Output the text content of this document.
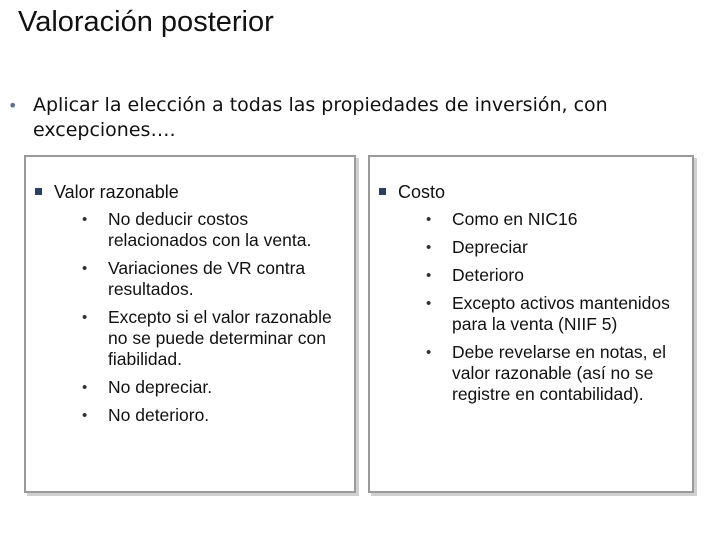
Valoración posterior
• Aplicar la elección a todas las propiedades de inversión, con excepciones….
Valor razonable
• No deducir costos relacionados con la venta.
• Variaciones de VR contra resultados.
• Excepto si el valor razonable no se puede determinar con fiabilidad.
• No depreciar.
• No deterioro.
Costo
• Como en NIC16
• Depreciar
• Deterioro
• Excepto activos mantenidos para la venta (NIIF 5)
• Debe revelarse en notas, el valor razonable (así no se registre en contabilidad).
